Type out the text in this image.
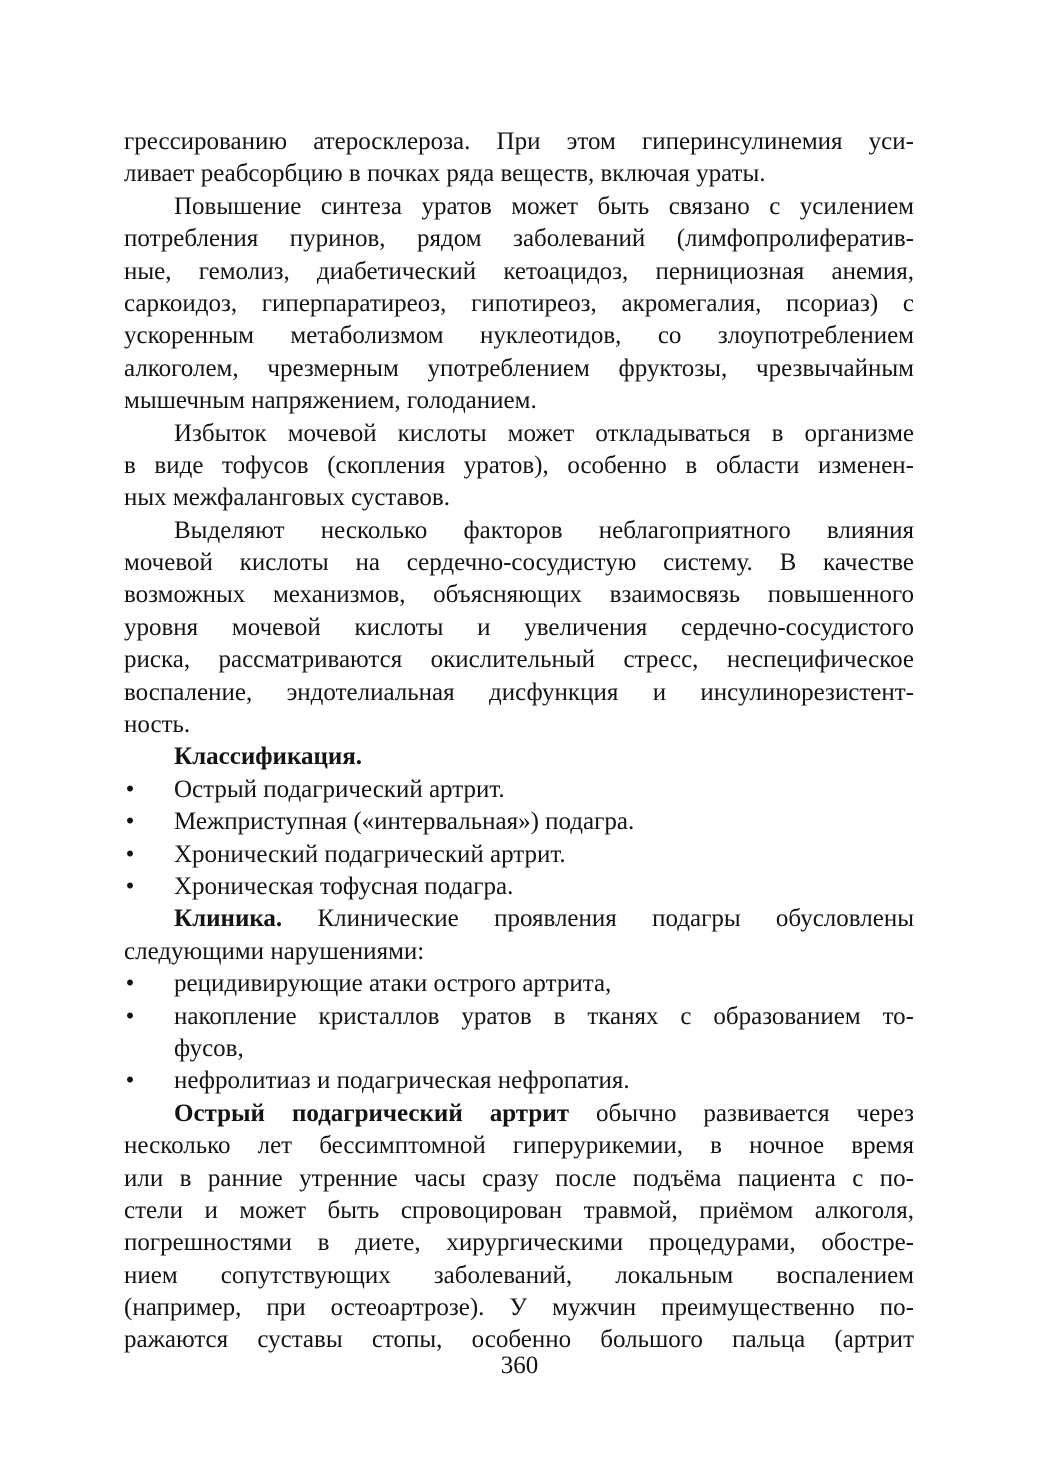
грессированию атеросклероза. При этом гиперинсулинемия уси-
ливает реабсорбцию в почках ряда веществ, включая ураты.
Повышение синтеза уратов может быть связано с усилением
потребления пуринов, рядом заболеваний (лимфопролифератив-
ные, гемолиз, диабетический кетоацидоз, пернициозная анемия,
саркоидоз, гиперпаратиреоз, гипотиреоз, акромегалия, псориаз) с
ускоренным метаболизмом нуклеотидов, со злоупотреблением
алкоголем, чрезмерным употреблением фруктозы, чрезвычайным
мышечным напряжением, голоданием.
Избыток мочевой кислоты может откладываться в организме
в виде тофусов (скопления уратов), особенно в области изменен-
ных межфаланговых суставов.
Выделяют несколько факторов неблагоприятного влияния
мочевой кислоты на сердечно-сосудистую систему. В качестве
возможных механизмов, объясняющих взаимосвязь повышенного
уровня мочевой кислоты и увеличения сердечно-сосудистого
риска, рассматриваются окислительный стресс, неспецифическое
воспаление, эндотелиальная дисфункция и инсулинорезистент-
ность.
Классификация.
• Острый подагрический артрит.
• Межприступная («интервальная») подагра.
• Хронический подагрический артрит.
• Хроническая тофусная подагра.
Клиника. Клинические проявления подагры обусловлены
следующими нарушениями:
• рецидивирующие атаки острого артрита,
• накопление кристаллов уратов в тканях с образованием то-
фусов,
• нефролитиаз и подагрическая нефропатия.
Острый подагрический артрит обычно развивается через
несколько лет бессимптомной гиперурикемии, в ночное время
или в ранние утренние часы сразу после подъёма пациента с по-
стели и может быть спровоцирован травмой, приёмом алкоголя,
погрешностями в диете, хирургическими процедурами, обостре-
нием сопутствующих заболеваний, локальным воспалением
(например, при остеоартрозе). У мужчин преимущественно по-
ражаются суставы стопы, особенно большого пальца (артрит
360
